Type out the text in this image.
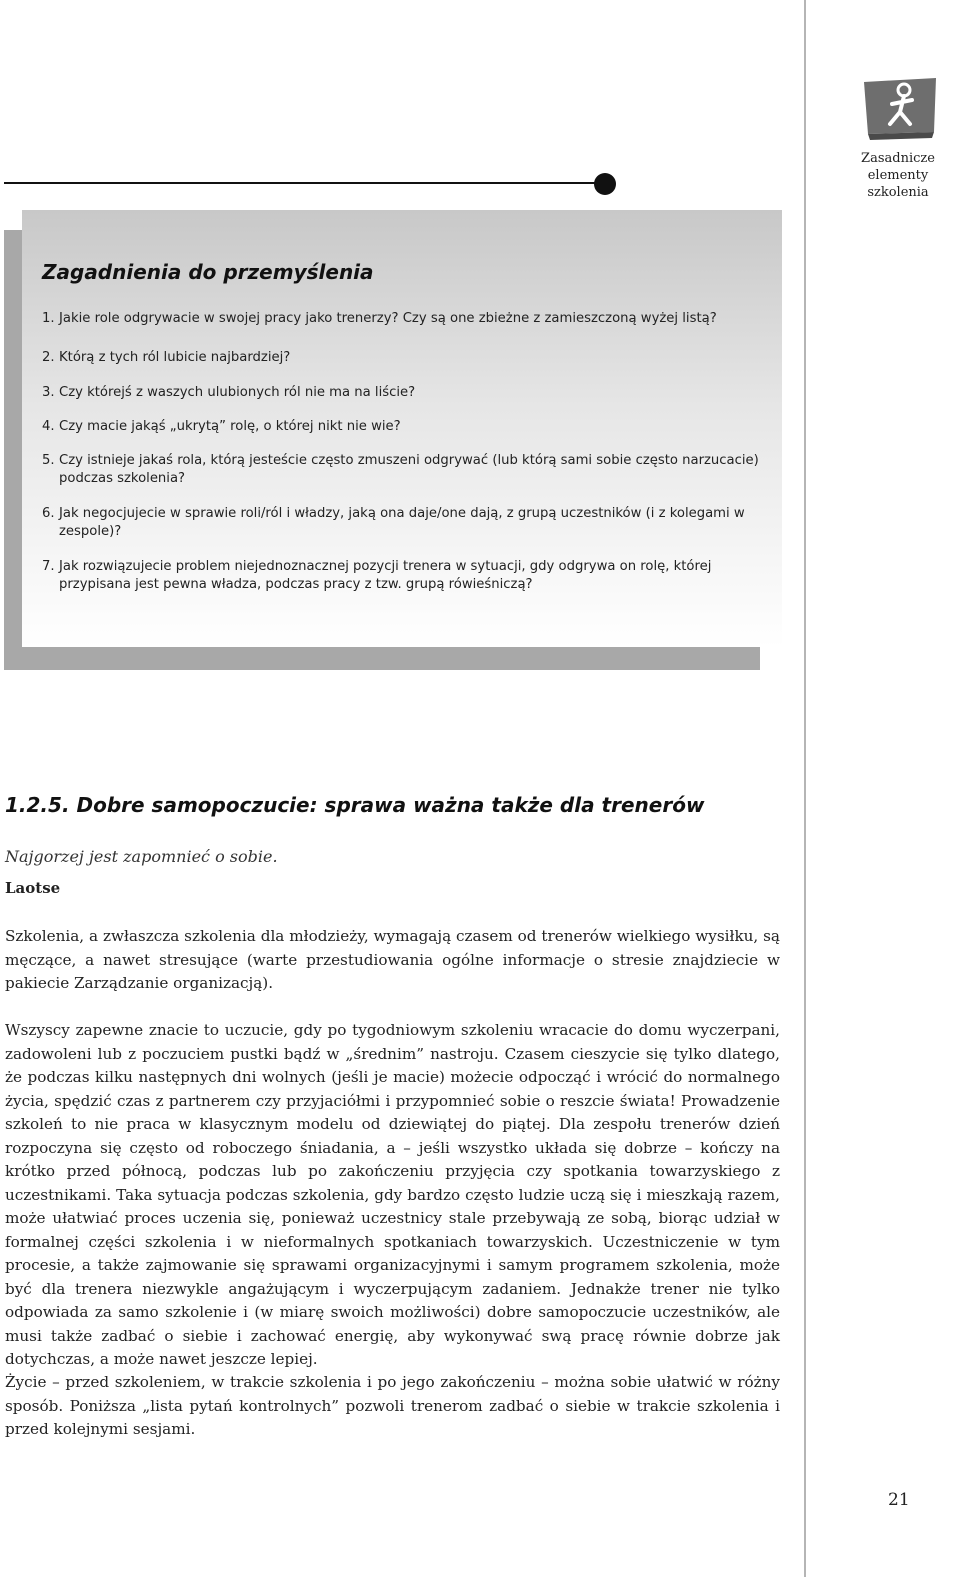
Zasadnicze
elementy szkolenia
Zagadnienia do przemyślenia
1. Jakie role odgrywacie w swojej pracy jako trenerzy? Czy są one zbieżne z zamieszczoną wyżej listą?
2. Którą z tych ról lubicie najbardziej?
3. Czy którejś z waszych ulubionych ról nie ma na liście?
4. Czy macie jakąś „ukrytą” rolę, o której nikt nie wie?
5. Czy istnieje jakaś rola, którą jesteście często zmuszeni odgrywać (lub którą sami sobie często narzucacie) podczas szkolenia?
6. Jak negocjujecie w sprawie roli/ról i władzy, jaką ona daje/one dają, z grupą uczestników (i z kolegami w zespole)?
7. Jak rozwiązujecie problem niejednoznacznej pozycji trenera w sytuacji, gdy odgrywa on rolę, której przypisana jest pewna władza, podczas pracy z tzw. grupą rówieśniczą?
1.2.5. Dobre samopoczucie: sprawa ważna także dla trenerów

Najgorzej jest zapomnieć o sobie.

Laotse

Szkolenia, a zwłaszcza szkolenia dla młodzieży, wymagają czasem od trenerów wielkiego wysiłku, są męczące, a nawet stresujące (warte przestudiowania ogólne informacje o stresie znajdziecie w pakiecie Zarządzanie organizacją).

Wszyscy zapewne znacie to uczucie, gdy po tygodniowym szkoleniu wracacie do domu wyczerpani, zadowoleni lub z poczuciem pustki bądź w „średnim” nastroju. Czasem cieszycie się tylko dlatego, że podczas kilku następnych dni wolnych (jeśli je macie) możecie odpocząć i wrócić do normalnego życia, spędzić czas z partnerem czy przyjaciółmi i przypomnieć sobie o reszcie świata! Prowadzenie szkoleń to nie praca w klasycznym modelu od dziewiątej do piątej. Dla zespołu trenerów dzień rozpoczyna się często od roboczego śniadania, a – jeśli wszystko układa się dobrze – kończy na krótko przed północą, podczas lub po zakończeniu przyjęcia czy spotkania towarzyskiego z uczestnikami. Taka sytuacja podczas szkolenia, gdy bardzo często ludzie uczą się i mieszkają razem, może ułatwiać proces uczenia się, ponieważ uczestnicy stale przebywają ze sobą, biorąc udział w formalnej części szkolenia i w nieformalnych spotkaniach towarzyskich. Uczestniczenie w tym procesie, a także zajmowanie się sprawami organizacyjnymi i samym programem szkolenia, może być dla trenera niezwykle angażującym i wyczerpującym zadaniem. Jednakże trener nie tylko odpowiada za samo szkolenie i (w miarę swoich możliwości) dobre samopoczucie uczestników, ale musi także zadbać o siebie i zachować energię, aby wykonywać swą pracę równie dobrze jak dotychczas, a może nawet jeszcze lepiej.

Życie – przed szkoleniem, w trakcie szkolenia i po jego zakończeniu – można sobie ułatwić w różny sposób. Poniższa „lista pytań kontrolnych” pozwoli trenerom zadbać o siebie w trakcie szkolenia i przed kolejnymi sesjami.

21
